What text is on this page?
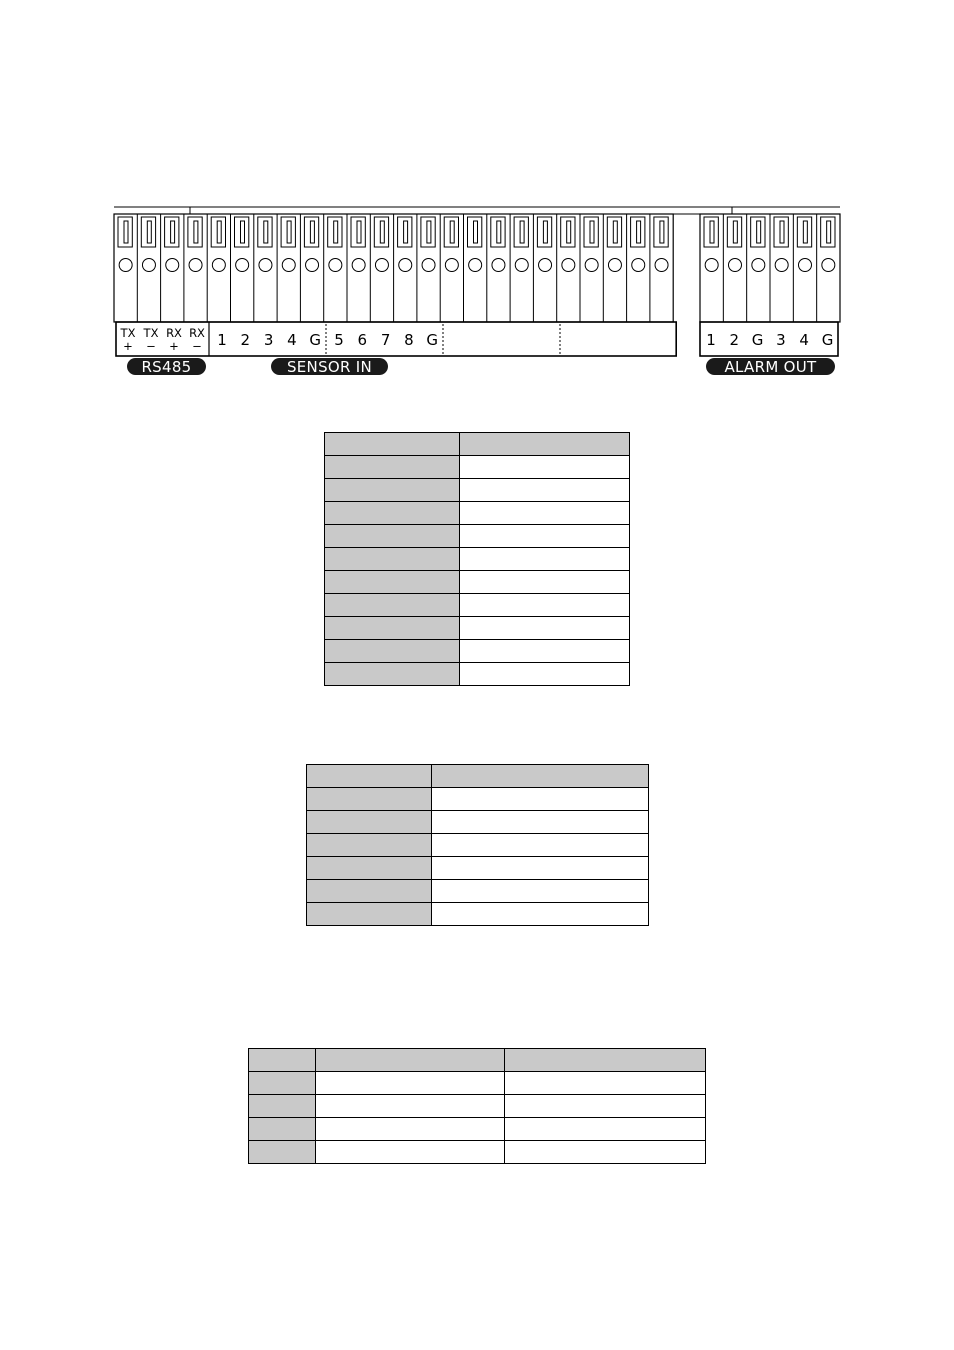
TX
+
TX
−
RX
+
RX
− 1 2 3 4 G 5 6 7 8 G	1 2 G 3 4 G
RS485	SENSOR IN	ALARM OUT
